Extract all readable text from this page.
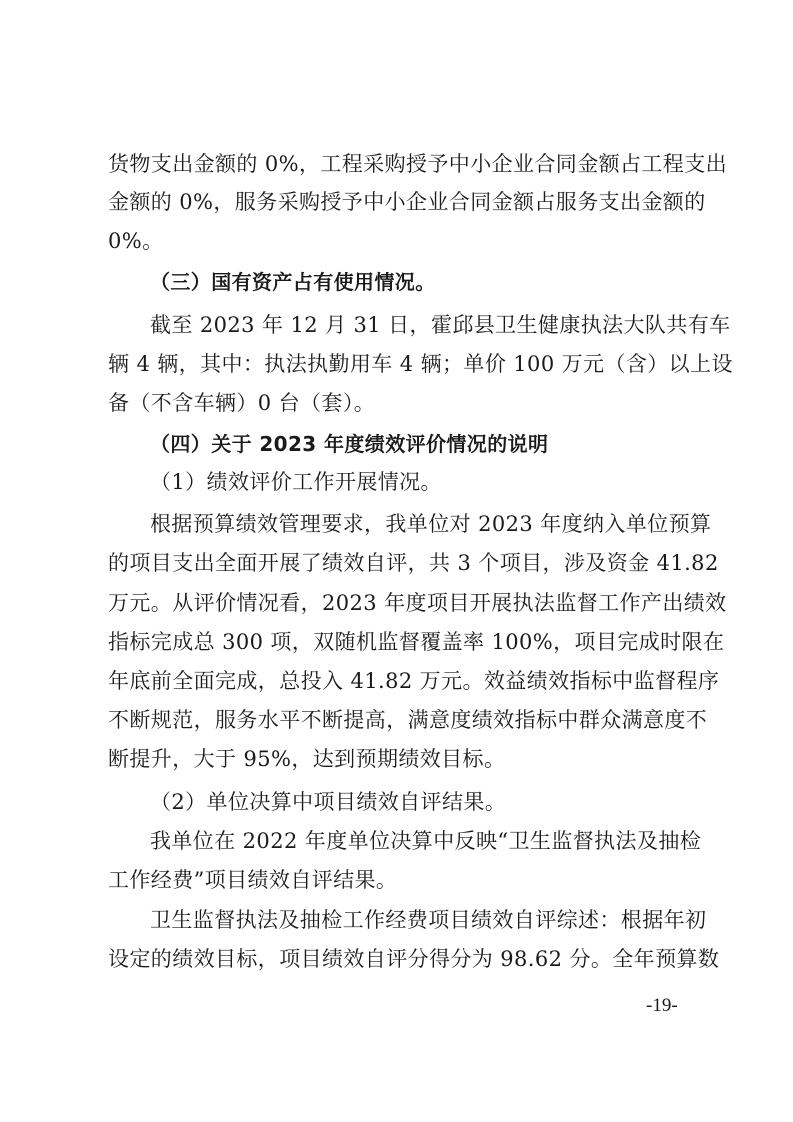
货物支出金额的 0%，工程采购授予中小企业合同金额占工程支出
金额的 0%，服务采购授予中小企业合同金额占服务支出金额的
0%。
（三）国有资产占有使用情况。
截至 2023 年 12 月 31 日，霍邱县卫生健康执法大队共有车
辆 4 辆，其中：执法执勤用车 4 辆；单价 100 万元（含）以上设
备（不含车辆）0 台（套）。
（四）关于 2023 年度绩效评价情况的说明
（1）绩效评价工作开展情况。
根据预算绩效管理要求，我单位对 2023 年度纳入单位预算
的项目支出全面开展了绩效自评，共 3 个项目，涉及资金 41.82
万元。从评价情况看，2023 年度项目开展执法监督工作产出绩效
指标完成总 300 项，双随机监督覆盖率 100%，项目完成时限在
年底前全面完成，总投入 41.82 万元。效益绩效指标中监督程序
不断规范，服务水平不断提高，满意度绩效指标中群众满意度不
断提升，大于 95%，达到预期绩效目标。
（2）单位决算中项目绩效自评结果。
我单位在 2022 年度单位决算中反映“卫生监督执法及抽检
工作经费”项目绩效自评结果。
卫生监督执法及抽检工作经费项目绩效自评综述：根据年初
设定的绩效目标，项目绩效自评分得分为 98.62 分。全年预算数
-19-
